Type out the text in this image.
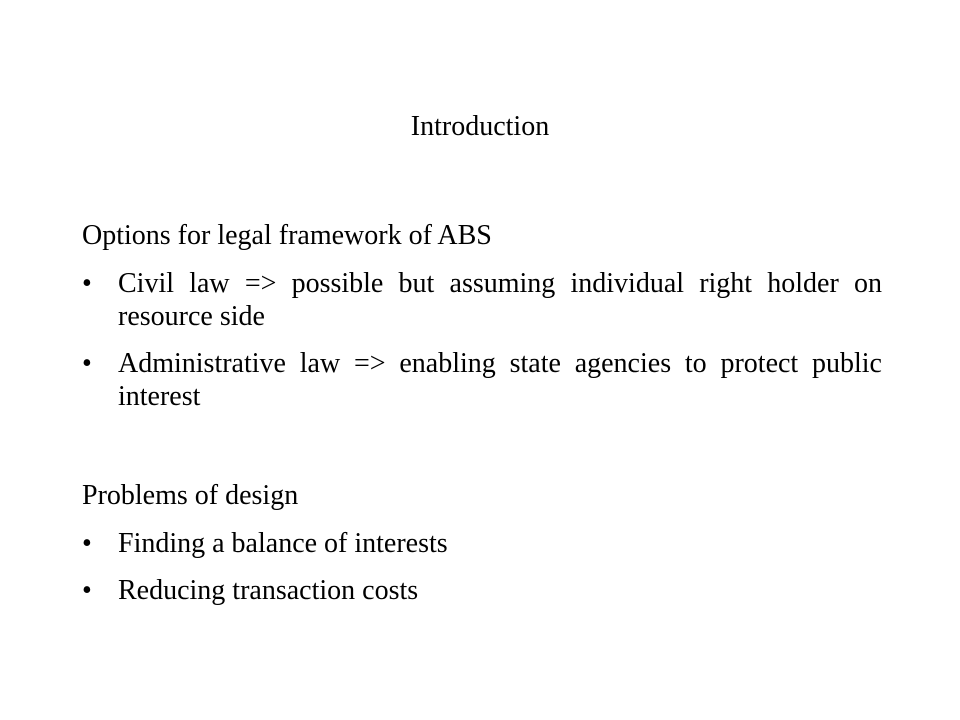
Introduction
Options for legal framework of ABS
• Civil law => possible but assuming individual right holder on resource side
• Administrative law => enabling state agencies to protect public interest
Problems of design
• Finding a balance of interests
• Reducing transaction costs
